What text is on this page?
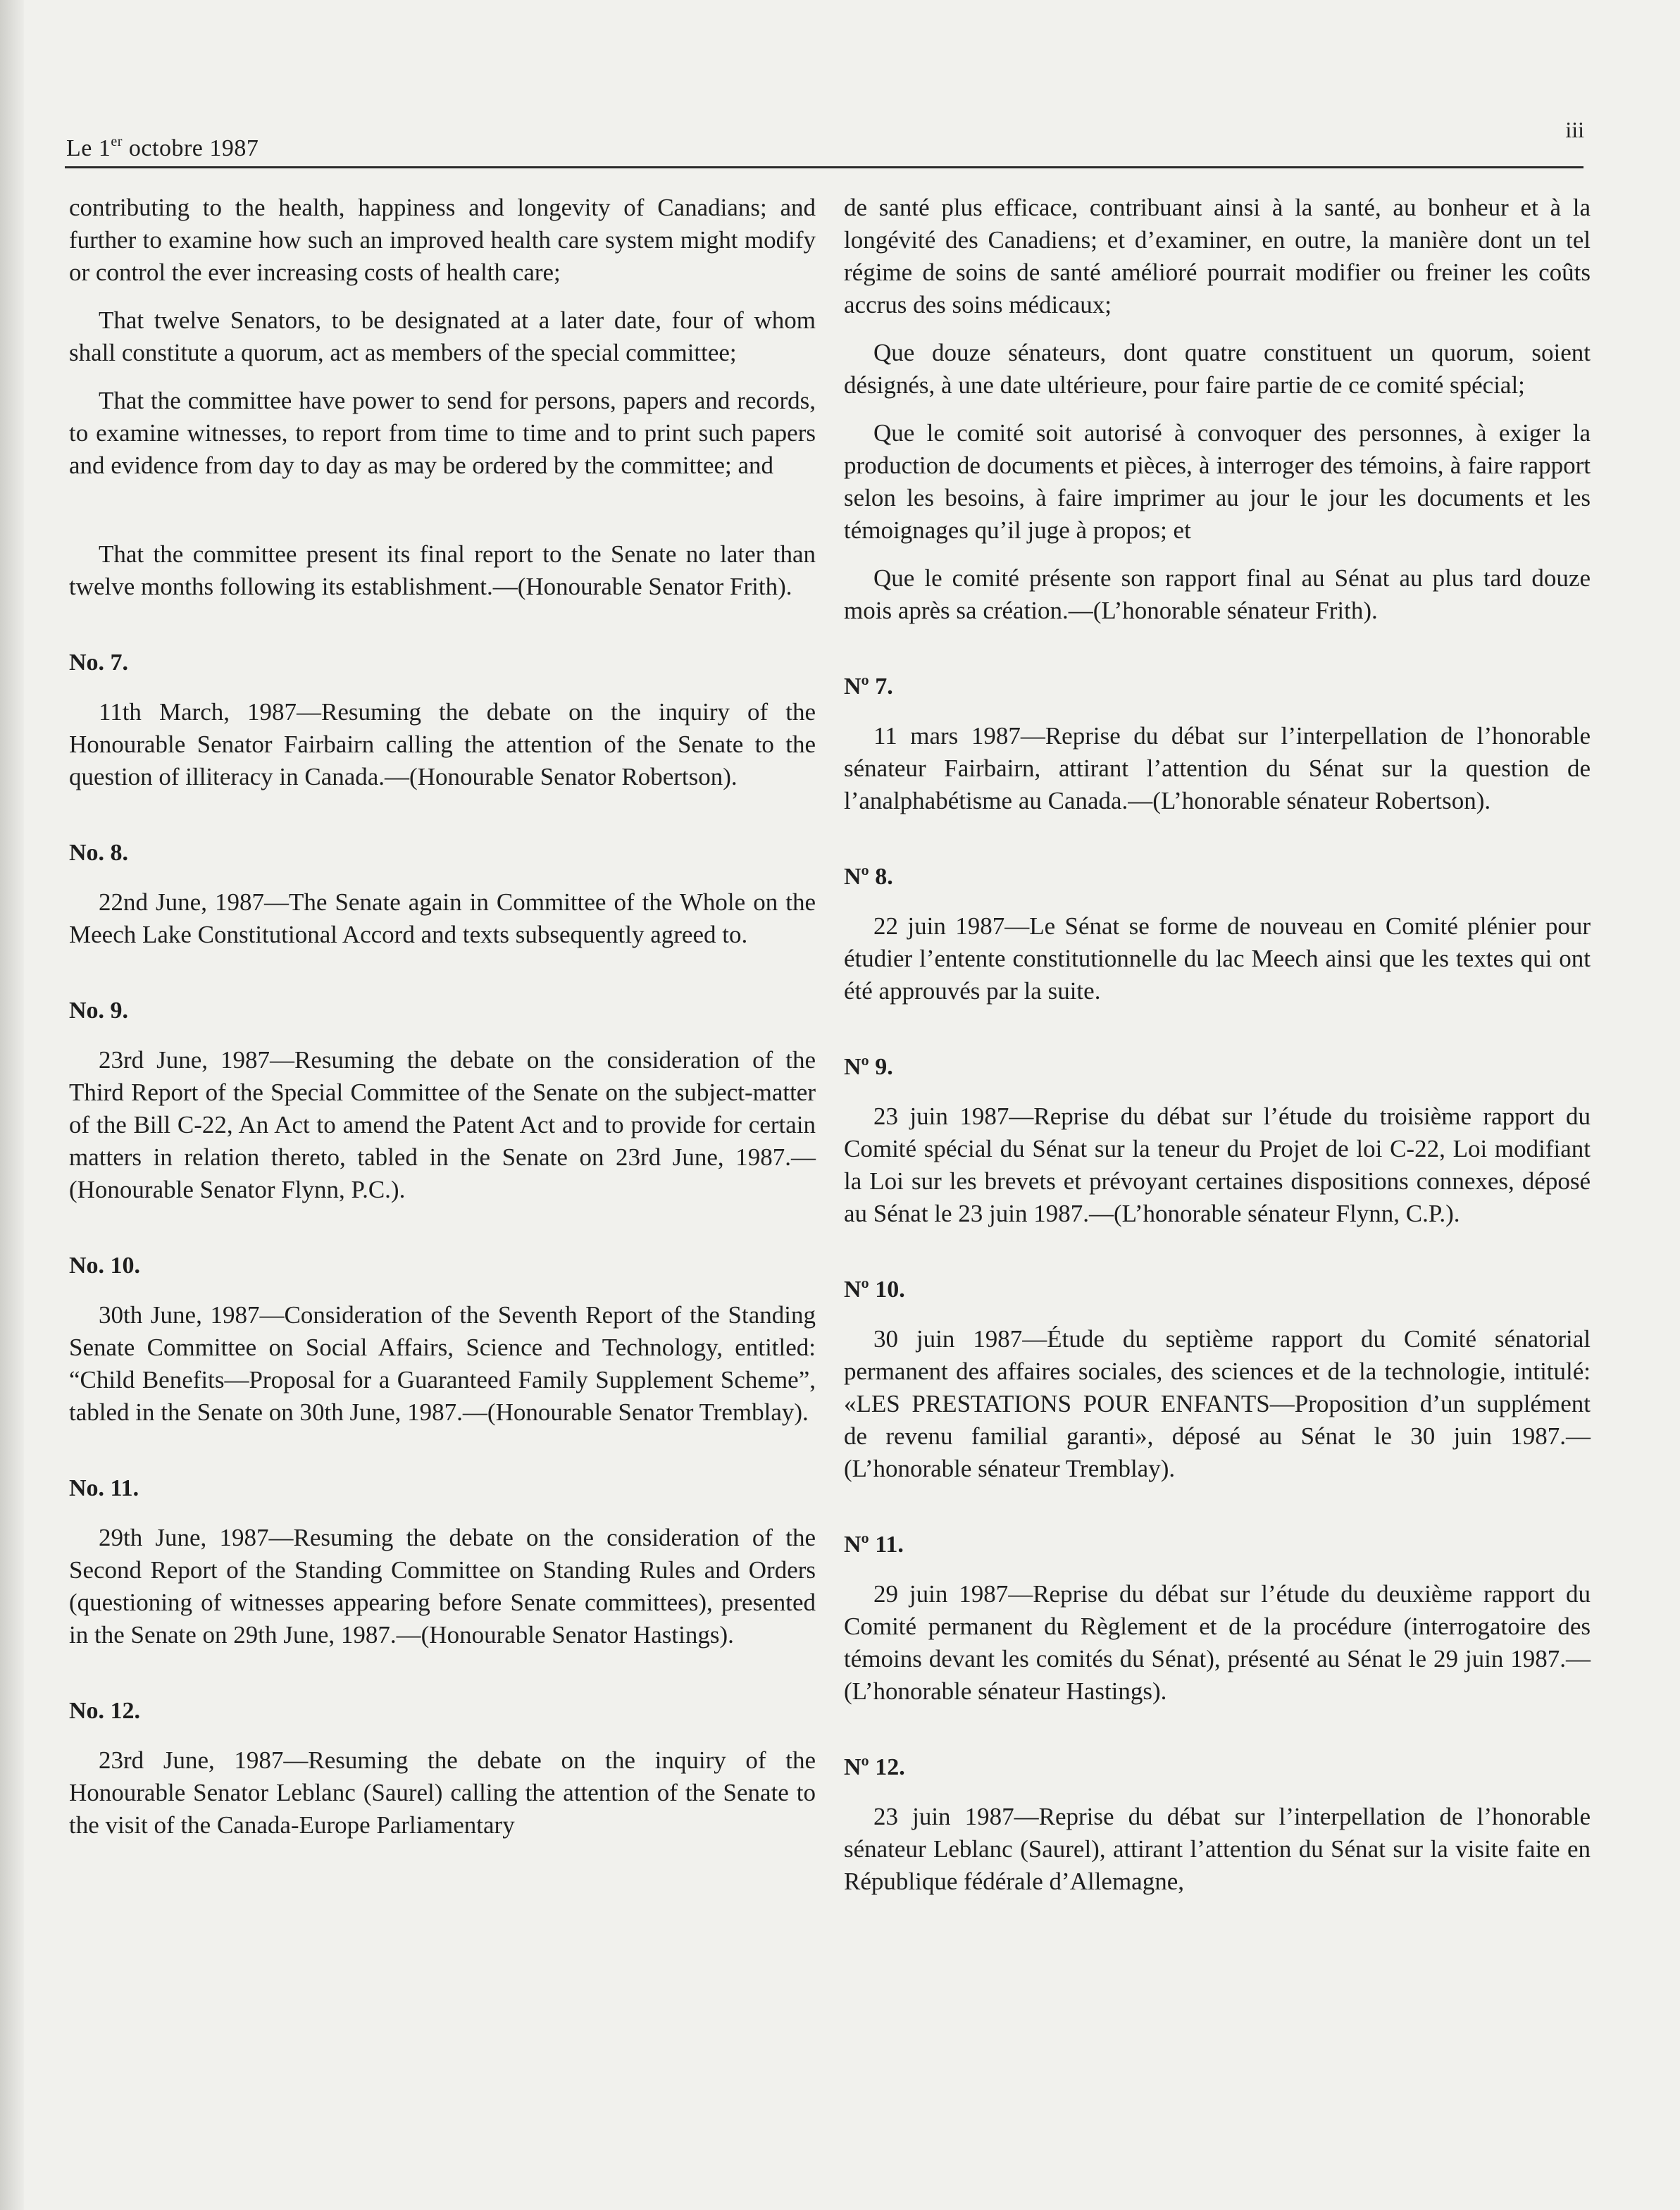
Le 1er octobre 1987
iii

contributing to the health, happiness and longevity of Canadians; and further to examine how such an improved health care system might modify or control the ever increasing costs of health care;

That twelve Senators, to be designated at a later date, four of whom shall constitute a quorum, act as members of the special committee;

That the committee have power to send for persons, papers and records, to examine witnesses, to report from time to time and to print such papers and evidence from day to day as may be ordered by the committee; and

That the committee present its final report to the Senate no later than twelve months following its establishment.—(Honourable Senator Frith).

No. 7.

11th March, 1987—Resuming the debate on the inquiry of the Honourable Senator Fairbairn calling the attention of the Senate to the question of illiteracy in Canada.—(Honourable Senator Robertson).

No. 8.

22nd June, 1987—The Senate again in Committee of the Whole on the Meech Lake Constitutional Accord and texts subsequently agreed to.

No. 9.

23rd June, 1987—Resuming the debate on the consideration of the Third Report of the Special Committee of the Senate on the subject-matter of the Bill C-22, An Act to amend the Patent Act and to provide for certain matters in relation thereto, tabled in the Senate on 23rd June, 1987.—(Honourable Senator Flynn, P.C.).

No. 10.

30th June, 1987—Consideration of the Seventh Report of the Standing Senate Committee on Social Affairs, Science and Technology, entitled: “Child Benefits—Proposal for a Guaranteed Family Supplement Scheme”, tabled in the Senate on 30th June, 1987.—(Honourable Senator Tremblay).

No. 11.

29th June, 1987—Resuming the debate on the consideration of the Second Report of the Standing Committee on Standing Rules and Orders (questioning of witnesses appearing before Senate committees), presented in the Senate on 29th June, 1987.—(Honourable Senator Hastings).

No. 12.

23rd June, 1987—Resuming the debate on the inquiry of the Honourable Senator Leblanc (Saurel) calling the attention of the Senate to the visit of the Canada-Europe Parliamentary

de santé plus efficace, contribuant ainsi à la santé, au bonheur et à la longévité des Canadiens; et d’examiner, en outre, la manière dont un tel régime de soins de santé amélioré pourrait modifier ou freiner les coûts accrus des soins médicaux;

Que douze sénateurs, dont quatre constituent un quorum, soient désignés, à une date ultérieure, pour faire partie de ce comité spécial;

Que le comité soit autorisé à convoquer des personnes, à exiger la production de documents et pièces, à interroger des témoins, à faire rapport selon les besoins, à faire imprimer au jour le jour les documents et les témoignages qu’il juge à propos; et

Que le comité présente son rapport final au Sénat au plus tard douze mois après sa création.—(L’honorable sénateur Frith).

Nº 7.

11 mars 1987—Reprise du débat sur l’interpellation de l’honorable sénateur Fairbairn, attirant l’attention du Sénat sur la question de l’analphabétisme au Canada.—(L’honorable sénateur Robertson).

Nº 8.

22 juin 1987—Le Sénat se forme de nouveau en Comité plénier pour étudier l’entente constitutionnelle du lac Meech ainsi que les textes qui ont été approuvés par la suite.

Nº 9.

23 juin 1987—Reprise du débat sur l’étude du troisième rapport du Comité spécial du Sénat sur la teneur du Projet de loi C-22, Loi modifiant la Loi sur les brevets et prévoyant certaines dispositions connexes, déposé au Sénat le 23 juin 1987.—(L’honorable sénateur Flynn, C.P.).

Nº 10.

30 juin 1987—Étude du septième rapport du Comité sénatorial permanent des affaires sociales, des sciences et de la technologie, intitulé: «LES PRESTATIONS POUR ENFANTS—Proposition d’un supplément de revenu familial garanti», déposé au Sénat le 30 juin 1987.—(L’honorable sénateur Tremblay).

Nº 11.

29 juin 1987—Reprise du débat sur l’étude du deuxième rapport du Comité permanent du Règlement et de la procédure (interrogatoire des témoins devant les comités du Sénat), présenté au Sénat le 29 juin 1987.—(L’honorable sénateur Hastings).

Nº 12.

23 juin 1987—Reprise du débat sur l’interpellation de l’honorable sénateur Leblanc (Saurel), attirant l’attention du Sénat sur la visite faite en République fédérale d’Allemagne,
